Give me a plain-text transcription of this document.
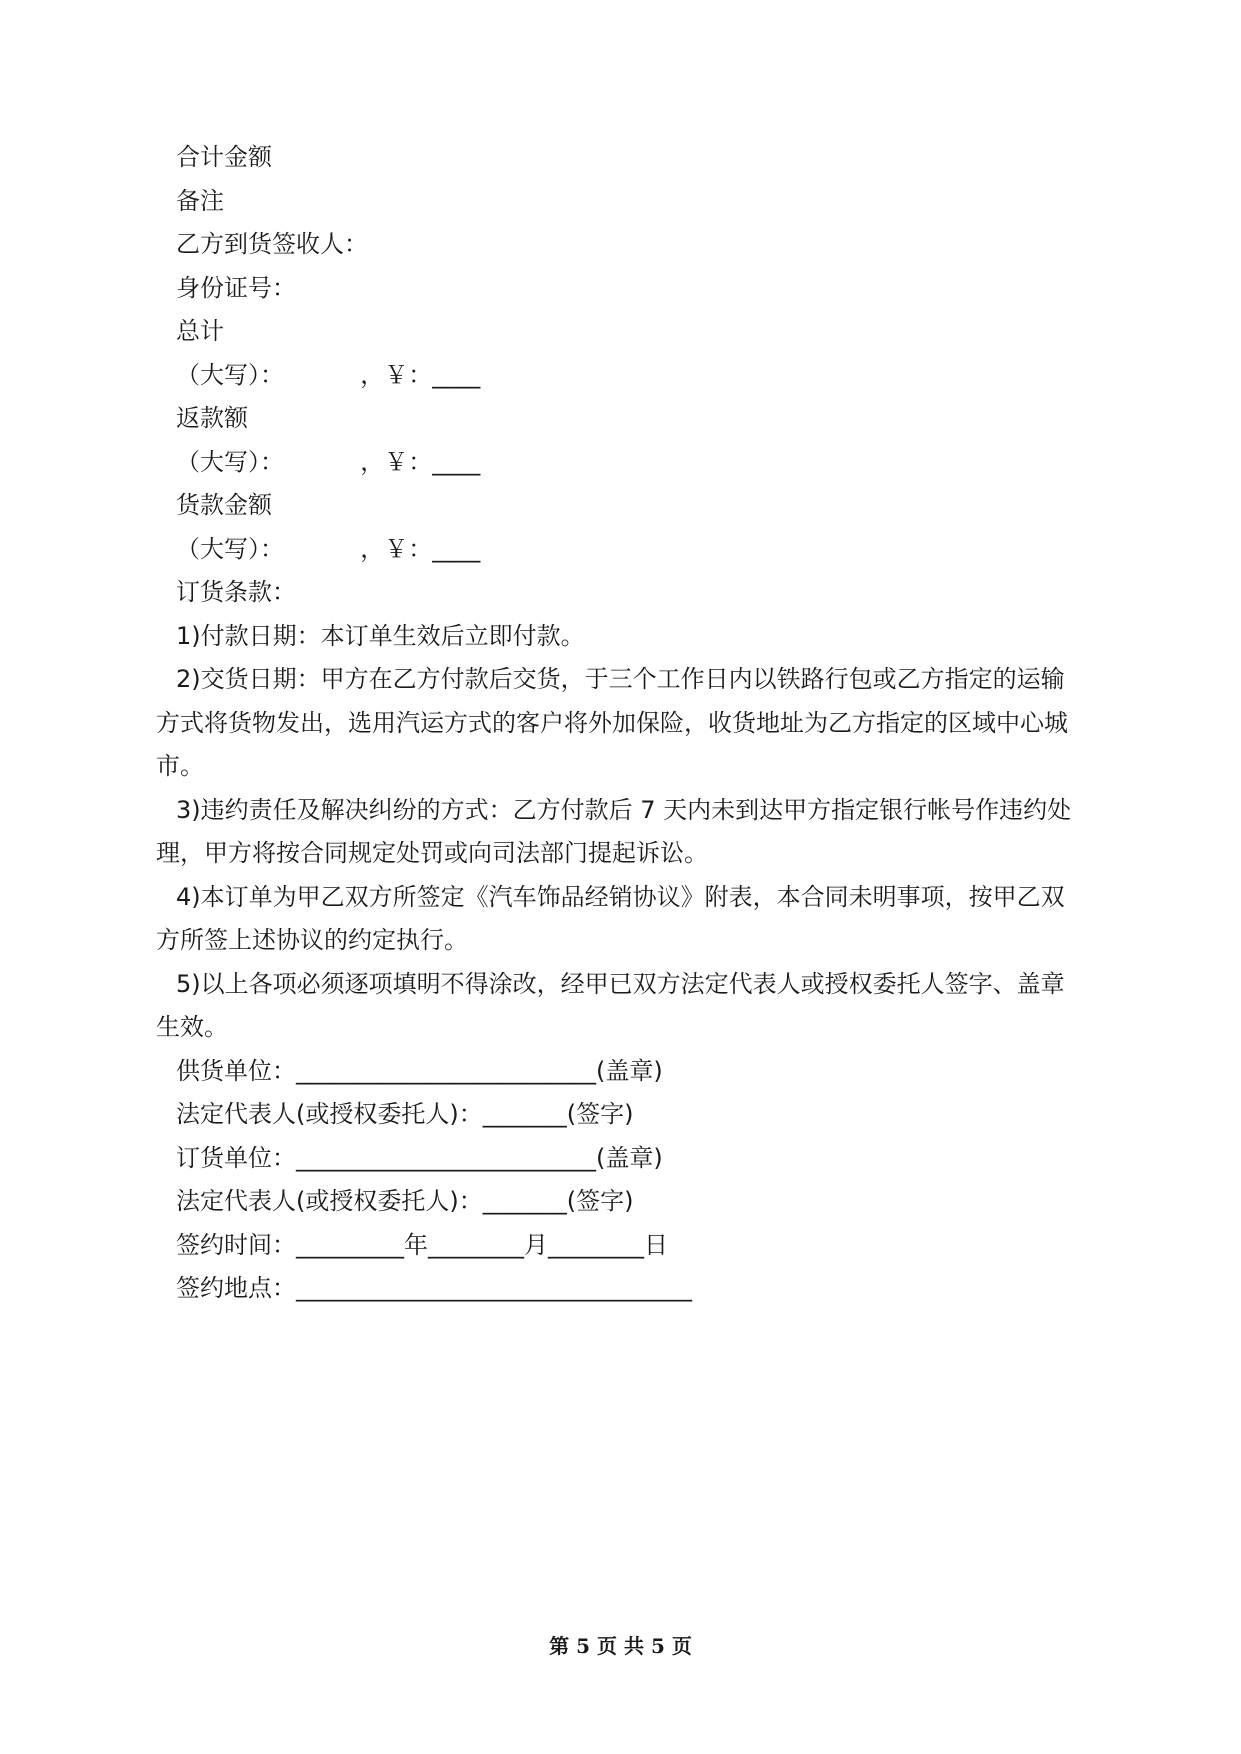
合计金额
备注
乙方到货签收人：
身份证号：
总计
（大写）：          ，￥：____
返款额
（大写）：          ，￥：____
货款金额
（大写）：          ，￥：____
订货条款：
1)付款日期：本订单生效后立即付款。
2)交货日期：甲方在乙方付款后交货，于三个工作日内以铁路行包或乙方指定的运输
方式将货物发出，选用汽运方式的客户将外加保险，收货地址为乙方指定的区域中心城
市。
3)违约责任及解决纠纷的方式：乙方付款后 7 天内未到达甲方指定银行帐号作违约处
理，甲方将按合同规定处罚或向司法部门提起诉讼。
4)本订单为甲乙双方所签定《汽车饰品经销协议》附表，本合同未明事项，按甲乙双
方所签上述协议的约定执行。
5)以上各项必须逐项填明不得涂改，经甲已双方法定代表人或授权委托人签字、盖章
生效。
供货单位：_________________________(盖章)
法定代表人(或授权委托人)：_______(签字)
订货单位：_________________________(盖章)
法定代表人(或授权委托人)：_______(签字)
签约时间：_________年________月________日
签约地点：_________________________________
第 5 页 共 5 页
